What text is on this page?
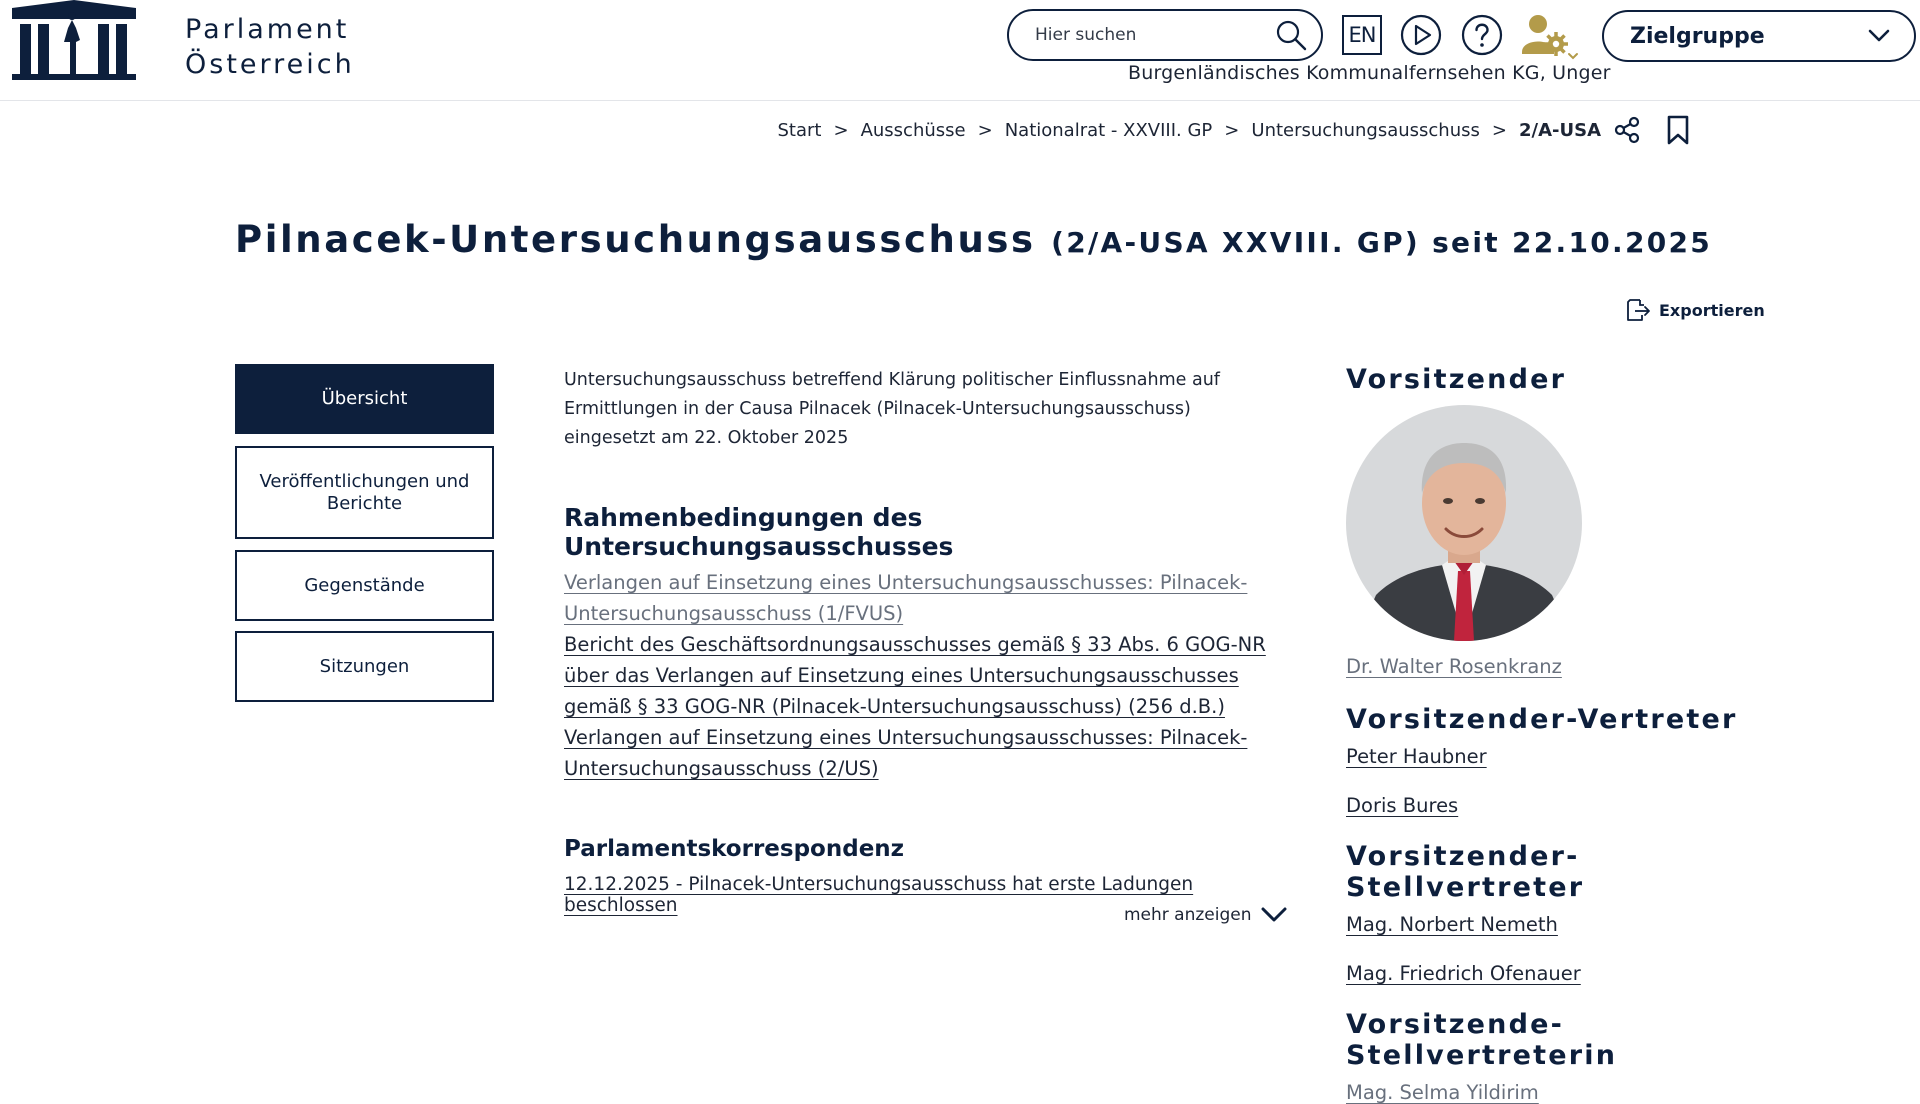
Parlament
Österreich
Hier suchen
EN
Burgenländisches Kommunalfernsehen KG, Unger
Zielgruppe
Start > Ausschüsse > Nationalrat - XXVIII. GP > Untersuchungsausschuss > 2/A-USA
Pilnacek-Untersuchungsausschuss (2/A-USA XXVIII. GP) seit 22.10.2025
Exportieren
Übersicht
Veröffentlichungen und Berichte
Gegenstände
Sitzungen

Untersuchungsausschuss betreffend Klärung politischer Einflussnahme auf Ermittlungen in der Causa Pilnacek (Pilnacek-Untersuchungsausschuss) eingesetzt am 22. Oktober 2025

Rahmenbedingungen des Untersuchungsausschusses
Verlangen auf Einsetzung eines Untersuchungsausschusses: Pilnacek-Untersuchungsausschuss (1/FVUS)
Bericht des Geschäftsordnungsausschusses gemäß § 33 Abs. 6 GOG-NR über das Verlangen auf Einsetzung eines Untersuchungsausschusses gemäß § 33 GOG-NR (Pilnacek-Untersuchungsausschuss) (256 d.B.)
Verlangen auf Einsetzung eines Untersuchungsausschusses: Pilnacek-Untersuchungsausschuss (2/US)
Parlamentskorrespondenz
12.12.2025 - Pilnacek-Untersuchungsausschuss hat erste Ladungen beschlossen	mehr anzeigen
Vorsitzender
Dr. Walter Rosenkranz
Vorsitzender-Vertreter
Peter Haubner
Doris Bures
Vorsitzender-Stellvertreter
Mag. Norbert Nemeth
Mag. Friedrich Ofenauer
Vorsitzende-Stellvertreterin
Mag. Selma Yildirim
